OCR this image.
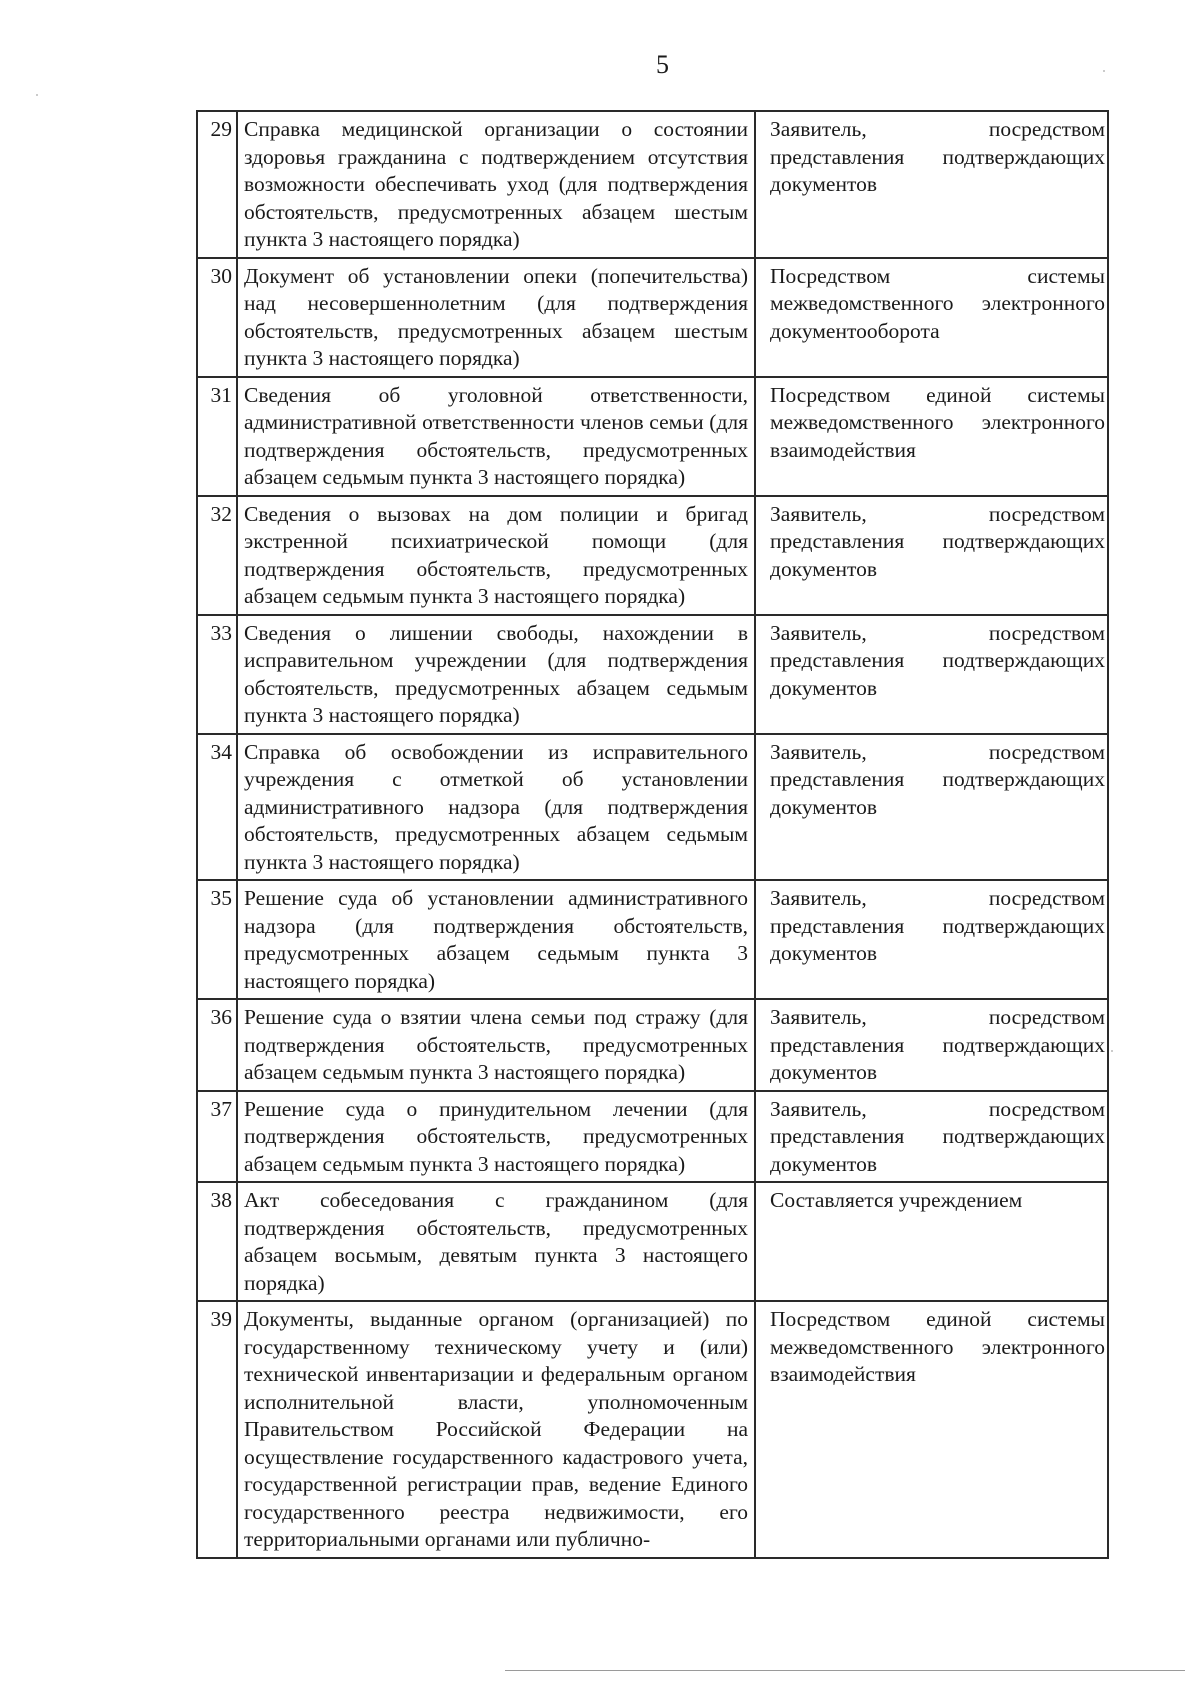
5
29	Справка медицинской организации о состоянии здоровья гражданина с подтверждением отсутствия возможности обеспечивать уход (для подтверждения обстоятельств, предусмотренных абзацем шестым пункта 3 настоящего порядка)	Заявитель, посредством представления подтверждающих документов
30	Документ об установлении опеки (попечительства) над несовершеннолетним (для подтверждения обстоятельств, предусмотренных абзацем шестым пункта 3 настоящего порядка)	Посредством системы межведомственного электронного документооборота
31	Сведения об уголовной ответственности, административной ответственности членов семьи (для подтверждения обстоятельств, предусмотренных абзацем седьмым пункта 3 настоящего порядка)	Посредством единой системы межведомственного электронного взаимодействия
32	Сведения о вызовах на дом полиции и бригад экстренной психиатрической помощи (для подтверждения обстоятельств, предусмотренных абзацем седьмым пункта 3 настоящего порядка)	Заявитель, посредством представления подтверждающих документов
33	Сведения о лишении свободы, нахождении в исправительном учреждении (для подтверждения обстоятельств, предусмотренных абзацем седьмым пункта 3 настоящего порядка)	Заявитель, посредством представления подтверждающих документов
34	Справка об освобождении из исправительного учреждения с отметкой об установлении административного надзора (для подтверждения обстоятельств, предусмотренных абзацем седьмым пункта 3 настоящего порядка)	Заявитель, посредством представления подтверждающих документов
35	Решение суда об установлении административного надзора (для подтверждения обстоятельств, предусмотренных абзацем седьмым пункта 3 настоящего порядка)	Заявитель, посредством представления подтверждающих документов
36	Решение суда о взятии члена семьи под стражу (для подтверждения обстоятельств, предусмотренных абзацем седьмым пункта 3 настоящего порядка)	Заявитель, посредством представления подтверждающих документов
37	Решение суда о принудительном лечении (для подтверждения обстоятельств, предусмотренных абзацем седьмым пункта 3 настоящего порядка)	Заявитель, посредством представления подтверждающих документов
38	Акт собеседования с гражданином (для подтверждения обстоятельств, предусмотренных абзацем восьмым, девятым пункта 3 настоящего порядка)	Составляется учреждением
39	Документы, выданные органом (организацией) по государственному техническому учету и (или) технической инвентаризации и федеральным органом исполнительной власти, уполномоченным Правительством Российской Федерации на осуществление государственного кадастрового учета, государственной регистрации прав, ведение Единого государственного реестра недвижимости, его территориальными органами или публично-	Посредством единой системы межведомственного электронного взаимодействия
